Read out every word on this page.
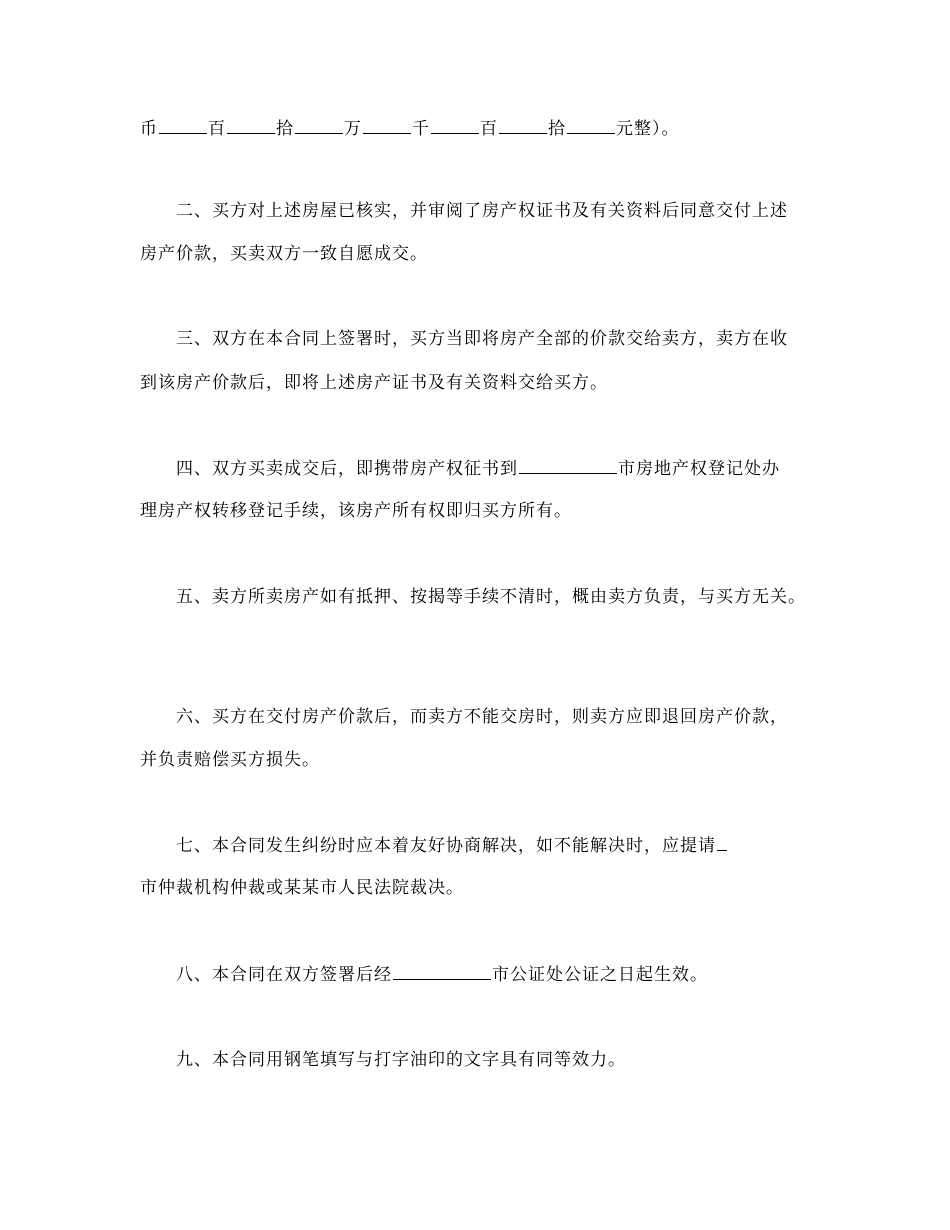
币	百	拾	万	千	百	拾	元整）。
二、买方对上述房屋已核实，并审阅了房产权证书及有关资料后同意交付上述
房产价款，买卖双方一致自愿成交。
三、双方在本合同上签署时，买方当即将房产全部的价款交给卖方，卖方在收
到该房产价款后，即将上述房产证书及有关资料交给买方。
四、双方买卖成交后，即携带房产权征书到	市房地产权登记处办
理房产权转移登记手续，该房产所有权即归买方所有。
五、卖方所卖房产如有抵押、按揭等手续不清时，概由卖方负责，与买方无关。
六、买方在交付房产价款后，而卖方不能交房时，则卖方应即退回房产价款，
并负责赔偿买方损失。
七、本合同发生纠纷时应本着友好协商解决，如不能解决时，应提请
市仲裁机构仲裁或某某市人民法院裁决。
八、本合同在双方签署后经	市公证处公证之日起生效。
九、本合同用钢笔填写与打字油印的文字具有同等效力。
